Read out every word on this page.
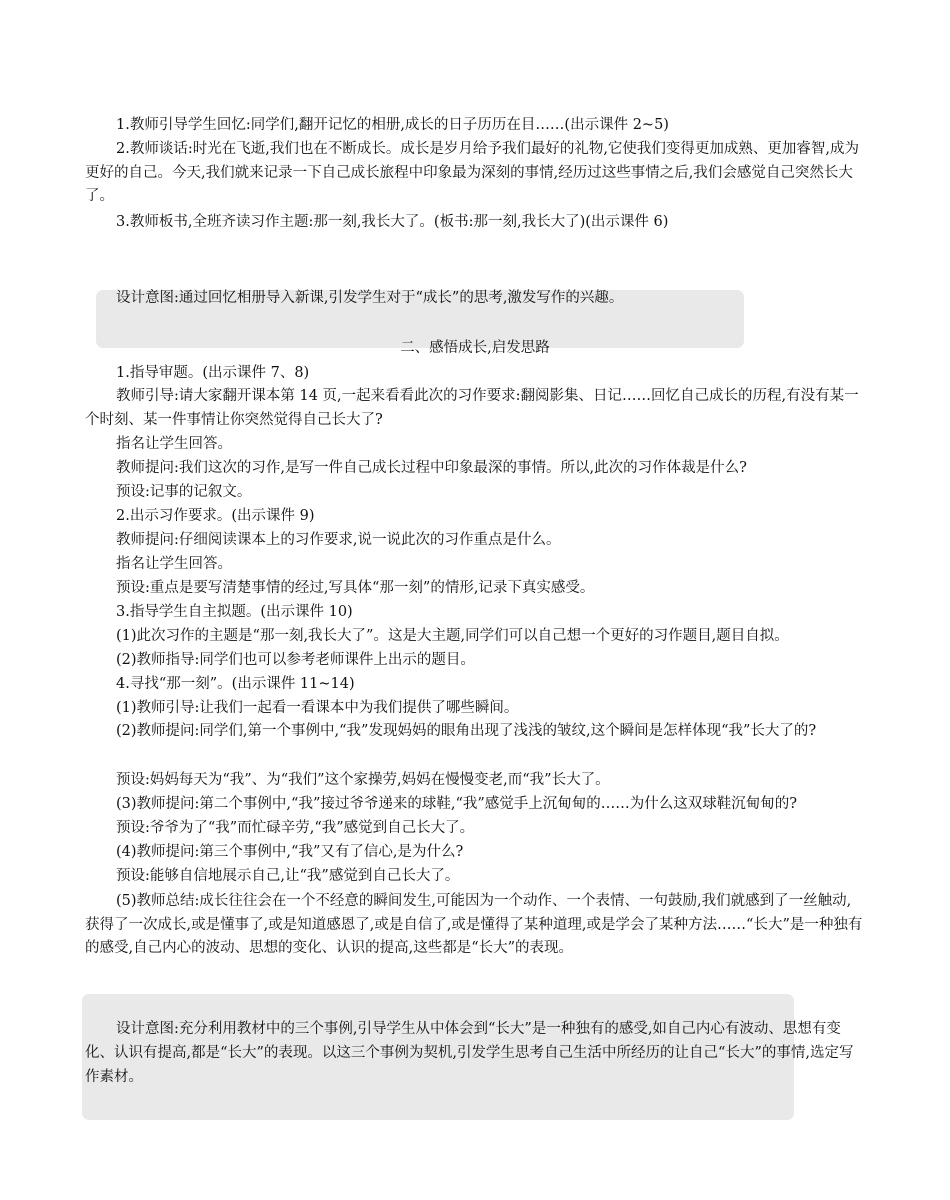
1.教师引导学生回忆:同学们,翻开记忆的相册,成长的日子历历在目……(出示课件 2~5)
2.教师谈话:时光在飞逝,我们也在不断成长。成长是岁月给予我们最好的礼物,它使我们变得更加成熟、更加睿智,成为更好的自己。今天,我们就来记录一下自己成长旅程中印象最为深刻的事情,经历过这些事情之后,我们会感觉自己突然长大了。
3.教师板书,全班齐读习作主题:那一刻,我长大了。(板书:那一刻,我长大了)(出示课件 6)
设计意图:通过回忆相册导入新课,引发学生对于“成长”的思考,激发写作的兴趣。
二、感悟成长,启发思路
1.指导审题。(出示课件 7、8)
教师引导:请大家翻开课本第 14 页,一起来看看此次的习作要求:翻阅影集、日记……回忆自己成长的历程,有没有某一个时刻、某一件事情让你突然觉得自己长大了?
指名让学生回答。
教师提问:我们这次的习作,是写一件自己成长过程中印象最深的事情。所以,此次的习作体裁是什么?
预设:记事的记叙文。
2.出示习作要求。(出示课件 9)
教师提问:仔细阅读课本上的习作要求,说一说此次的习作重点是什么。
指名让学生回答。
预设:重点是要写清楚事情的经过,写具体“那一刻”的情形,记录下真实感受。
3.指导学生自主拟题。(出示课件 10)
(1)此次习作的主题是“那一刻,我长大了”。这是大主题,同学们可以自己想一个更好的习作题目,题目自拟。
(2)教师指导:同学们也可以参考老师课件上出示的题目。
4.寻找“那一刻”。(出示课件 11~14)
(1)教师引导:让我们一起看一看课本中为我们提供了哪些瞬间。
(2)教师提问:同学们,第一个事例中,“我”发现妈妈的眼角出现了浅浅的皱纹,这个瞬间是怎样体现“我”长大了的?
预设:妈妈每天为“我”、为“我们”这个家操劳,妈妈在慢慢变老,而“我”长大了。
(3)教师提问:第二个事例中,“我”接过爷爷递来的球鞋,“我”感觉手上沉甸甸的……为什么这双球鞋沉甸甸的?
预设:爷爷为了“我”而忙碌辛劳,“我”感觉到自己长大了。
(4)教师提问:第三个事例中,“我”又有了信心,是为什么?
预设:能够自信地展示自己,让“我”感觉到自己长大了。
(5)教师总结:成长往往会在一个不经意的瞬间发生,可能因为一个动作、一个表情、一句鼓励,我们就感到了一丝触动,获得了一次成长,或是懂事了,或是知道感恩了,或是自信了,或是懂得了某种道理,或是学会了某种方法……“长大”是一种独有的感受,自己内心的波动、思想的变化、认识的提高,这些都是“长大”的表现。
设计意图:充分利用教材中的三个事例,引导学生从中体会到“长大”是一种独有的感受,如自己内心有波动、思想有变化、认识有提高,都是“长大”的表现。以这三个事例为契机,引发学生思考自己生活中所经历的让自己“长大”的事情,选定写作素材。
